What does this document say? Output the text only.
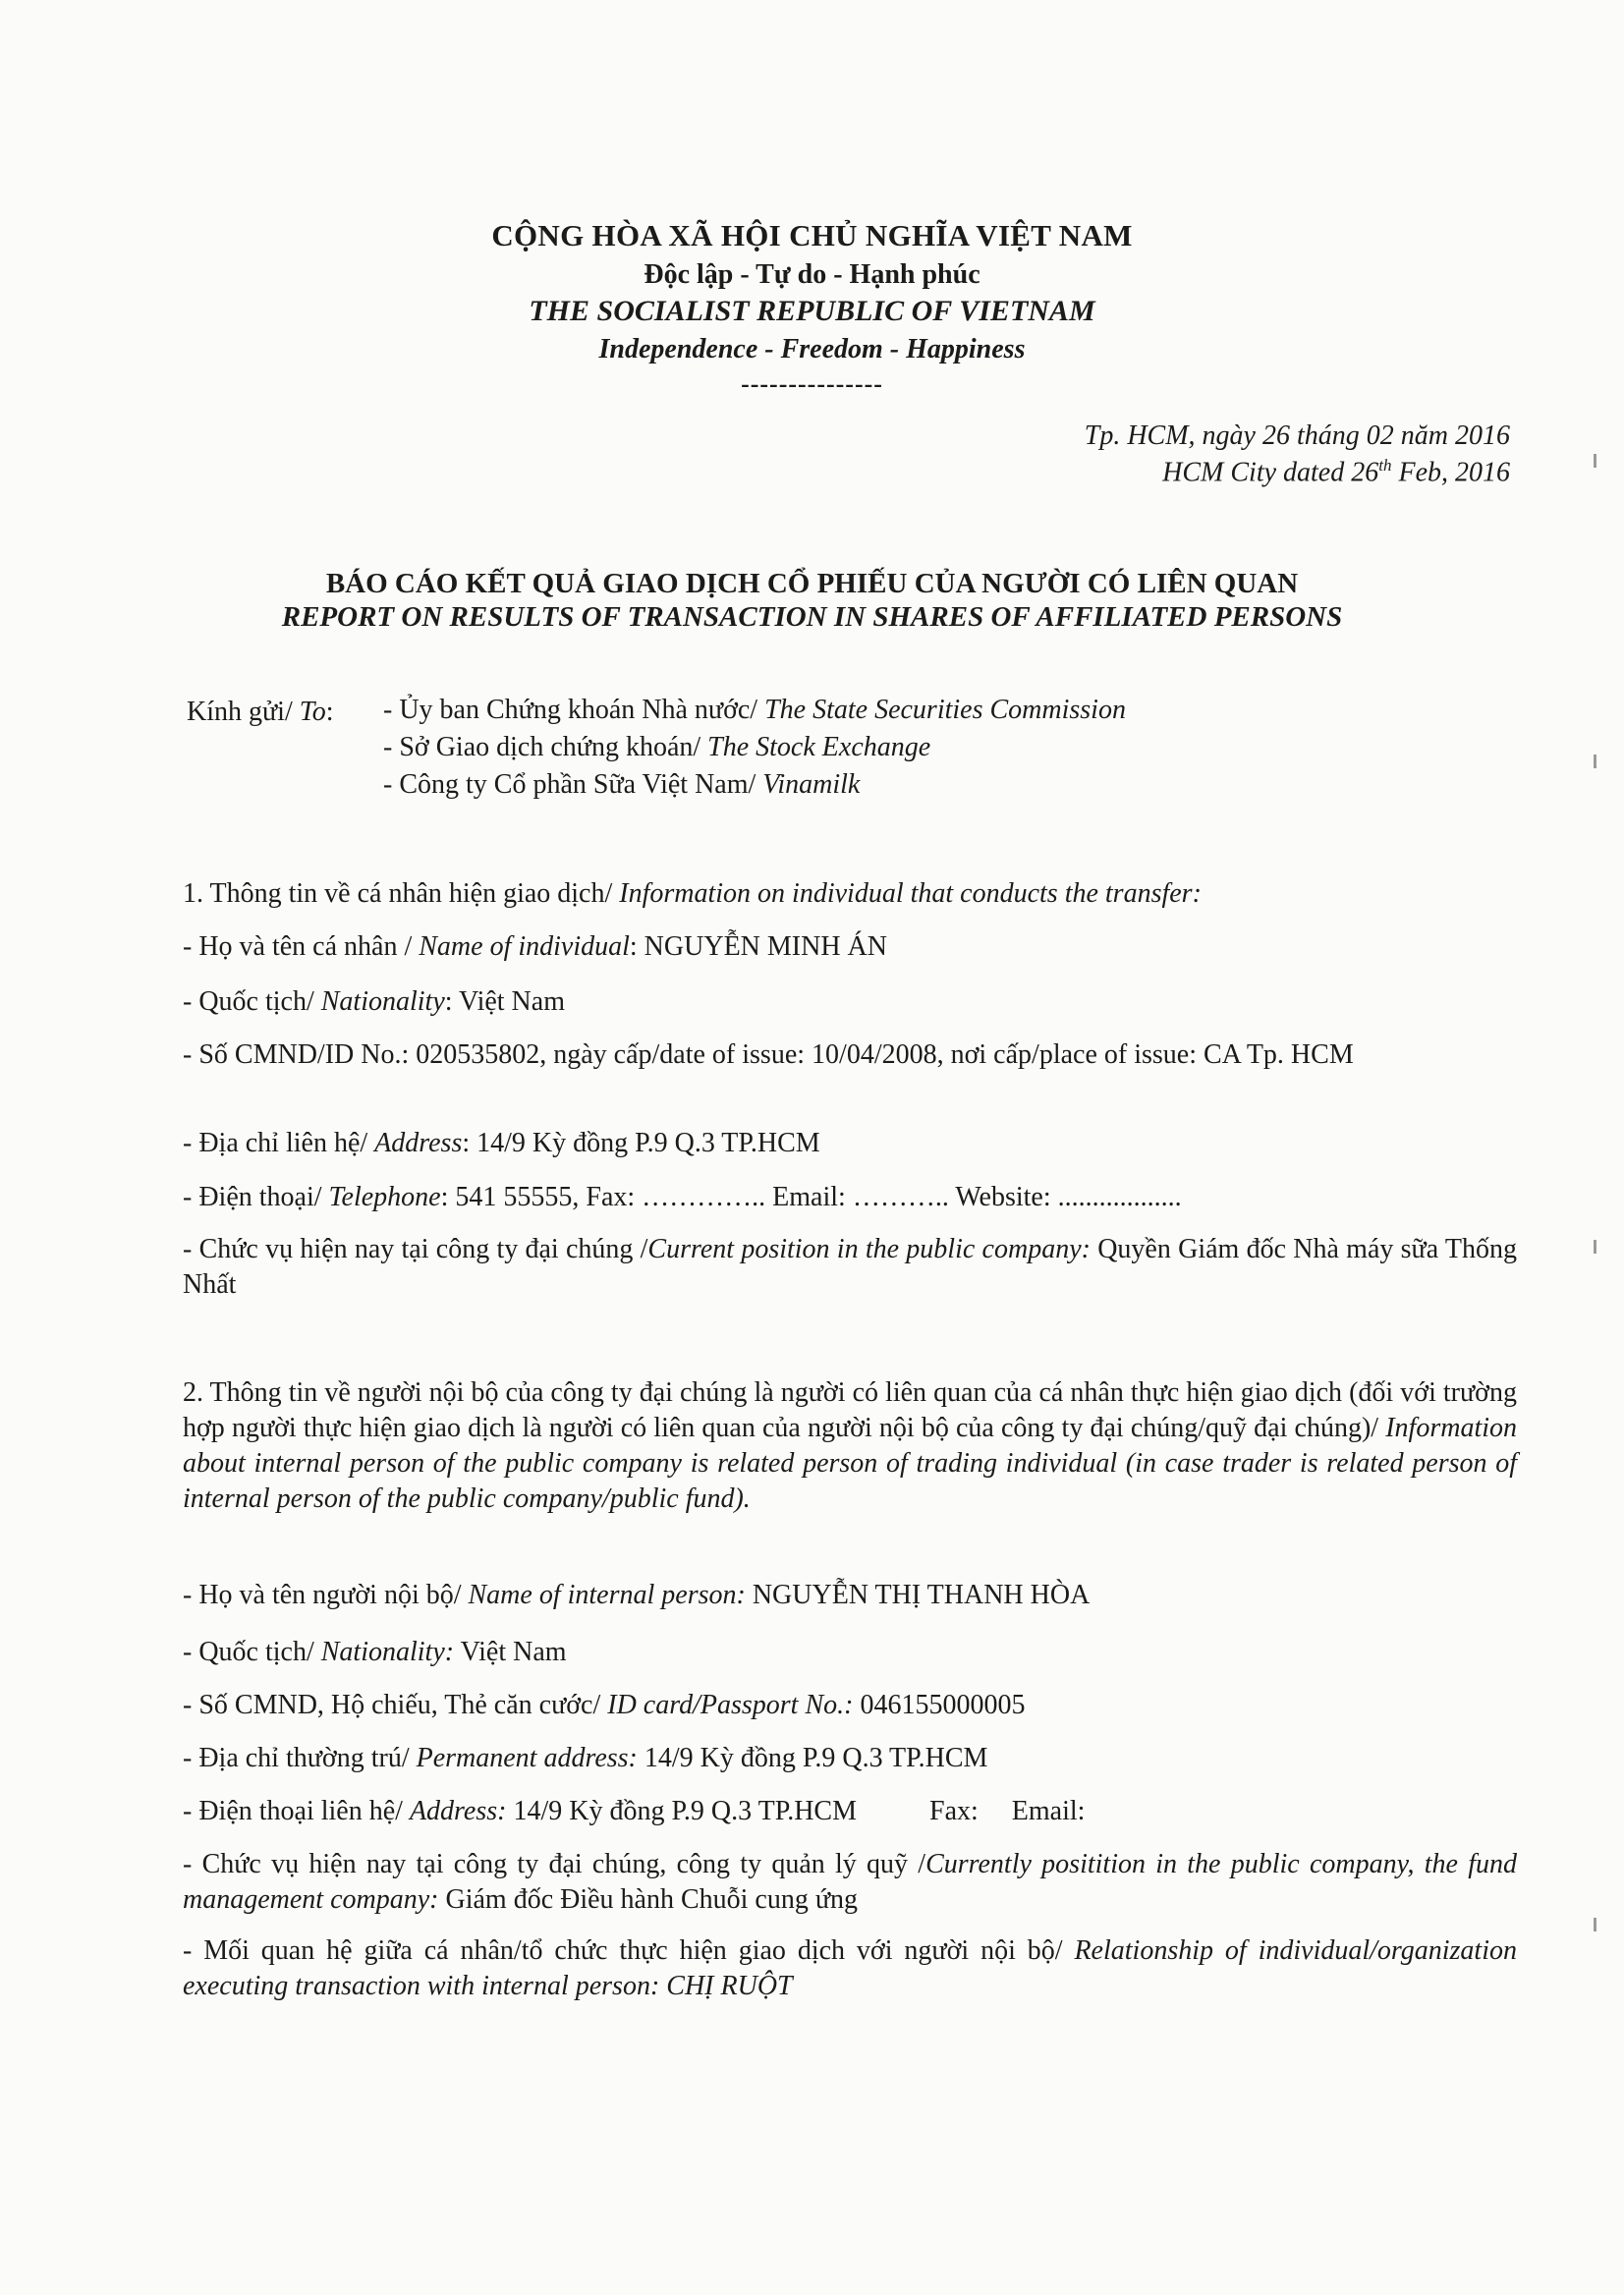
CỘNG HÒA XÃ HỘI CHỦ NGHĨA VIỆT NAM
Độc lập - Tự do - Hạnh phúc
THE SOCIALIST REPUBLIC OF VIETNAM
Independence - Freedom - Happiness
---------------
Tp. HCM, ngày 26 tháng 02 năm 2016
HCM City dated 26th Feb, 2016
BÁO CÁO KẾT QUẢ GIAO DỊCH CỔ PHIẾU CỦA NGƯỜI CÓ LIÊN QUAN
REPORT ON RESULTS OF TRANSACTION IN SHARES OF AFFILIATED PERSONS
Kính gửi/ To: - Ủy ban Chứng khoán Nhà nước/ The State Securities Commission
- Sở Giao dịch chứng khoán/ The Stock Exchange
- Công ty Cổ phần Sữa Việt Nam/ Vinamilk
1. Thông tin về cá nhân hiện giao dịch/ Information on individual that conducts the transfer:
- Họ và tên cá nhân / Name of individual: NGUYỄN MINH ÁN
- Quốc tịch/ Nationality: Việt Nam
- Số CMND/ID No.: 020535802, ngày cấp/date of issue: 10/04/2008, nơi cấp/place of issue: CA Tp. HCM
- Địa chỉ liên hệ/ Address: 14/9 Kỳ đồng P.9 Q.3 TP.HCM
- Điện thoại/ Telephone: 541 55555, Fax: ………….. Email: ……….. Website: ..................
- Chức vụ hiện nay tại công ty đại chúng /Current position in the public company: Quyền Giám đốc Nhà máy sữa Thống Nhất
2. Thông tin về người nội bộ của công ty đại chúng là người có liên quan của cá nhân thực hiện giao dịch (đối với trường hợp người thực hiện giao dịch là người có liên quan của người nội bộ của công ty đại chúng/quỹ đại chúng)/ Information about internal person of the public company is related person of trading individual (in case trader is related person of internal person of the public company/public fund).
- Họ và tên người nội bộ/ Name of internal person: NGUYỄN THỊ THANH HÒA
- Quốc tịch/ Nationality: Việt Nam
- Số CMND, Hộ chiếu, Thẻ căn cước/ ID card/Passport No.: 046155000005
- Địa chỉ thường trú/ Permanent address: 14/9 Kỳ đồng P.9 Q.3 TP.HCM
- Điện thoại liên hệ/ Address: 14/9 Kỳ đồng P.9 Q.3 TP.HCM	Fax: Email:
- Chức vụ hiện nay tại công ty đại chúng, công ty quản lý quỹ /Currently positition in the public company, the fund management company: Giám đốc Điều hành Chuỗi cung ứng
- Mối quan hệ giữa cá nhân/tổ chức thực hiện giao dịch với người nội bộ/ Relationship of individual/organization executing transaction with internal person: CHỊ RUỘT
